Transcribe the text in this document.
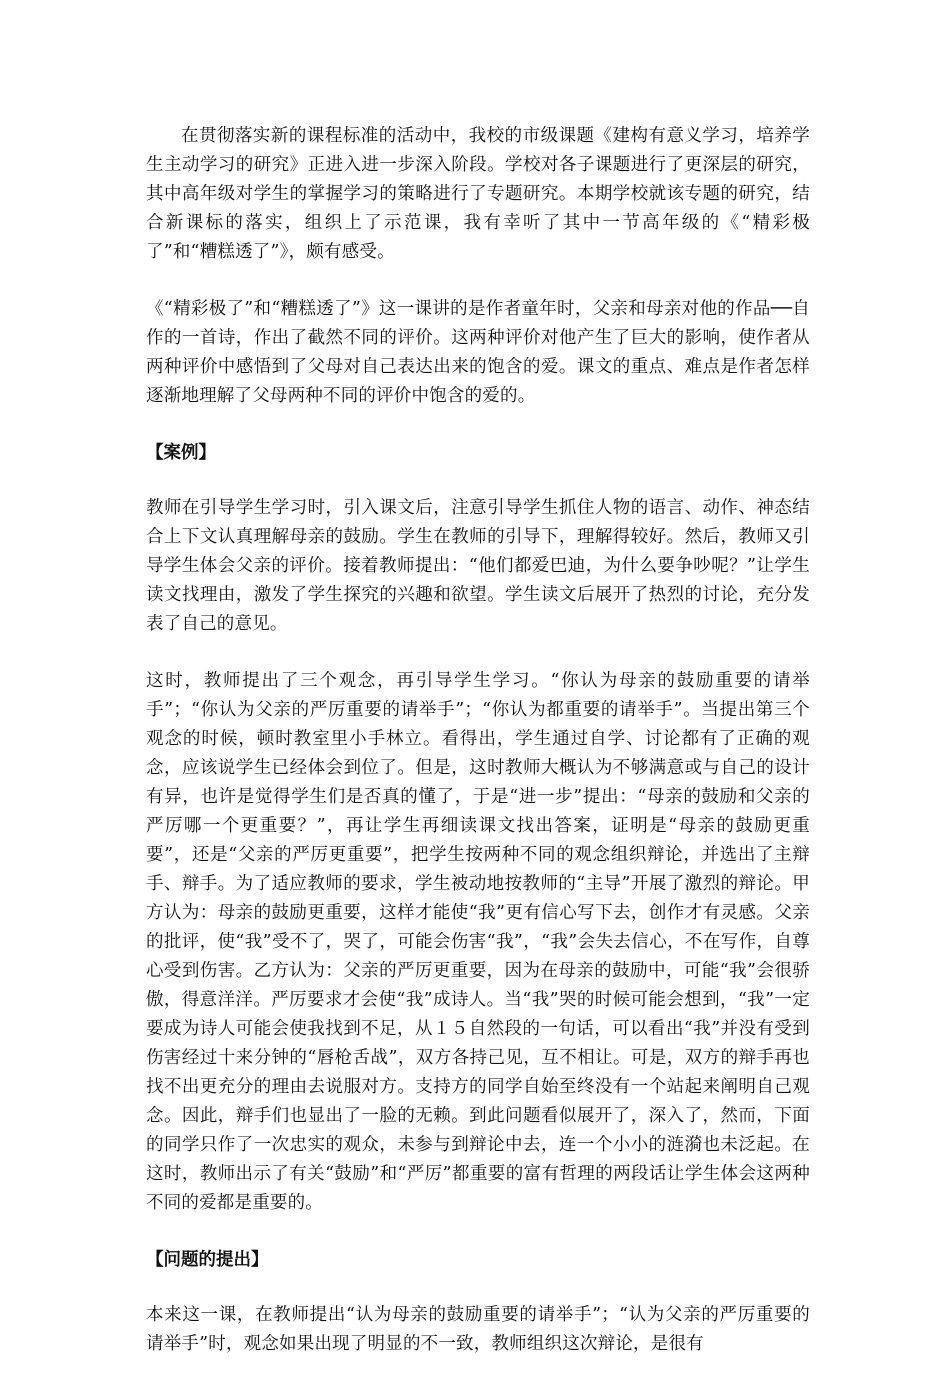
在贯彻落实新的课程标准的活动中，我校的市级课题《建构有意义学习，培养学生主动学习的研究》正进入进一步深入阶段。学校对各子课题进行了更深层的研究，其中高年级对学生的掌握学习的策略进行了专题研究。本期学校就该专题的研究，结合新课标的落实，组织上了示范课，我有幸听了其中一节高年级的《“精彩极了”和“糟糕透了”》，颇有感受。

《“精彩极了”和“糟糕透了”》这一课讲的是作者童年时，父亲和母亲对他的作品──自作的一首诗，作出了截然不同的评价。这两种评价对他产生了巨大的影响，使作者从两种评价中感悟到了父母对自己表达出来的饱含的爱。课文的重点、难点是作者怎样逐渐地理解了父母两种不同的评价中饱含的爱的。

【案例】

教师在引导学生学习时，引入课文后，注意引导学生抓住人物的语言、动作、神态结合上下文认真理解母亲的鼓励。学生在教师的引导下，理解得较好。然后，教师又引导学生体会父亲的评价。接着教师提出：“他们都爱巴迪，为什么要争吵呢？”让学生读文找理由，激发了学生探究的兴趣和欲望。学生读文后展开了热烈的讨论，充分发表了自己的意见。

这时，教师提出了三个观念，再引导学生学习。“你认为母亲的鼓励重要的请举手”；“你认为父亲的严厉重要的请举手”；“你认为都重要的请举手”。当提出第三个观念的时候，顿时教室里小手林立。看得出，学生通过自学、讨论都有了正确的观念，应该说学生已经体会到位了。但是，这时教师大概认为不够满意或与自己的设计有异，也许是觉得学生们是否真的懂了，于是“进一步”提出：“母亲的鼓励和父亲的严厉哪一个更重要？”，再让学生再细读课文找出答案，证明是“母亲的鼓励更重要”，还是“父亲的严厉更重要”，把学生按两种不同的观念组织辩论，并选出了主辩手、辩手。为了适应教师的要求，学生被动地按教师的“主导”开展了激烈的辩论。甲方认为：母亲的鼓励更重要，这样才能使“我”更有信心写下去，创作才有灵感。父亲的批评，使“我”受不了，哭了，可能会伤害“我”，“我”会失去信心，不在写作，自尊心受到伤害。乙方认为：父亲的严厉更重要，因为在母亲的鼓励中，可能“我”会很骄傲，得意洋洋。严厉要求才会使“我”成诗人。当“我”哭的时候可能会想到，“我”一定要成为诗人可能会使我找到不足，从１５自然段的一句话，可以看出“我”并没有受到伤害经过十来分钟的“唇枪舌战”，双方各持己见，互不相让。可是，双方的辩手再也找不出更充分的理由去说服对方。支持方的同学自始至终没有一个站起来阐明自己观念。因此，辩手们也显出了一脸的无赖。到此问题看似展开了，深入了，然而，下面的同学只作了一次忠实的观众，未参与到辩论中去，连一个小小的涟漪也未泛起。在这时，教师出示了有关“鼓励”和“严厉”都重要的富有哲理的两段话让学生体会这两种不同的爱都是重要的。

【问题的提出】

本来这一课，在教师提出“认为母亲的鼓励重要的请举手”；“认为父亲的严厉重要的请举手”时，观念如果出现了明显的不一致，教师组织这次辩论，是很有
